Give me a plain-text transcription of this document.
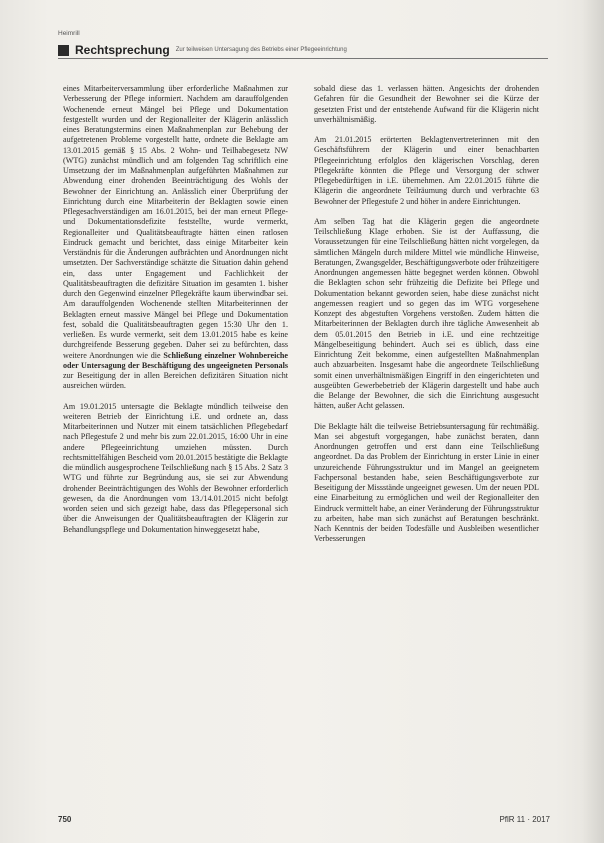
Heimrill
Rechtsprechung Zur teilweisen Untersagung des Betriebs einer Pflegeeinrichtung

eines Mitarbeiterversammlung über erforderliche Maßnahmen zur Verbesserung der Pflege informiert. Nachdem am darauffolgenden Wochenende erneut Mängel bei Pflege und Dokumentation festgestellt wurden und der Regionalleiter der Klägerin anlässlich eines Beratungstermins einen Maßnahmenplan zur Behebung der aufgetretenen Probleme vorgestellt hatte, ordnete die Beklagte am 13.01.2015 gemäß § 15 Abs. 2 Wohn- und Teilhabegesetz NW (WTG) zunächst mündlich und am folgenden Tag schriftlich eine Umsetzung der im Maßnahmenplan aufgeführten Maßnahmen zur Abwendung einer drohenden Beeinträchtigung des Wohls der Bewohner der Einrichtung an. Anlässlich einer Überprüfung der Einrichtung durch eine Mitarbeiterin der Beklagten sowie einen Pflegesachverständigen am 16.01.2015, bei der man erneut Pflege- und Dokumentationsdefizite feststellte, wurde vermerkt, Regionalleiter und Qualitätsbeauftragte hätten einen ratlosen Eindruck gemacht und berichtet, dass einige Mitarbeiter kein Verständnis für die Änderungen aufbrächten und Anordnungen nicht umsetzten. Der Sachverständige schätzte die Situation dahin gehend ein, dass unter Engagement und Fachlichkeit der Qualitätsbeauftragten die defizitäre Situation im gesamten 1. bisher durch den Gegenwind einzelner Pflegekräfte kaum überwindbar sei. Am darauffolgenden Wochenende stellten Mitarbeiterinnen der Beklagten erneut massive Mängel bei Pflege und Dokumentation fest, sobald die Qualitätsbeauftragten gegen 15:30 Uhr den 1. verließen. Es wurde vermerkt, seit dem 13.01.2015 habe es keine durchgreifende Besserung gegeben. Daher sei zu befürchten, dass weitere Anordnungen wie die Schließung einzelner Wohnbereiche oder Untersagung der Beschäftigung des ungeeigneten Personals zur Beseitigung der in allen Bereichen defizitären Situation nicht ausreichen würden.

Am 19.01.2015 untersagte die Beklagte mündlich teilweise den weiteren Betrieb der Einrichtung i.E. und ordnete an, dass Mitarbeiterinnen und Nutzer mit einem tatsächlichen Pflegebedarf nach Pflegestufe 2 und mehr bis zum 22.01.2015, 16:00 Uhr in eine andere Pflegeeinrichtung umziehen müssten. Durch rechtsmittelfähigen Bescheid vom 20.01.2015 bestätigte die Beklagte die mündlich ausgesprochene Teilschließung nach § 15 Abs. 2 Satz 3 WTG und führte zur Begründung aus, sie sei zur Abwendung drohender Beeinträchtigungen des Wohls der Bewohner erforderlich gewesen, da die Anordnungen vom 13./14.01.2015 nicht befolgt worden seien und sich gezeigt habe, dass das Pflegepersonal sich über die Anweisungen der Qualitätsbeauftragten der Klägerin zur Behandlungspflege und Dokumentation hinweggesetzt habe,

sobald diese das 1. verlassen hätten. Angesichts der drohenden Gefahren für die Gesundheit der Bewohner sei die Kürze der gesetzten Frist und der entstehende Aufwand für die Klägerin nicht unverhältnismäßig.

Am 21.01.2015 erörterten Beklagtenvertreterinnen mit den Geschäftsführern der Klägerin und einer benachbarten Pflegeeinrichtung erfolglos den klägerischen Vorschlag, deren Pflegekräfte könnten die Pflege und Versorgung der schwer Pflegebedürftigen in i.E. übernehmen. Am 22.01.2015 führte die Klägerin die angeordnete Teilräumung durch und verbrachte 63 Bewohner der Pflegestufe 2 und höher in andere Einrichtungen.

Am selben Tag hat die Klägerin gegen die angeordnete Teilschließung Klage erhoben. Sie ist der Auffassung, die Voraussetzungen für eine Teilschließung hätten nicht vorgelegen, da sämtlichen Mängeln durch mildere Mittel wie mündliche Hinweise, Beratungen, Zwangsgelder, Beschäftigungsverbote oder frühzeitigere Anordnungen angemessen hätte begegnet werden können. Obwohl die Beklagten schon sehr frühzeitig die Defizite bei Pflege und Dokumentation bekannt geworden seien, habe diese zunächst nicht angemessen reagiert und so gegen das im WTG vorgesehene Konzept des abgestuften Vorgehens verstoßen. Zudem hätten die Mitarbeiterinnen der Beklagten durch ihre tägliche Anwesenheit ab dem 05.01.2015 den Betrieb in i.E. und eine rechtzeitige Mängelbeseitigung behindert. Auch sei es üblich, dass eine Einrichtung Zeit bekomme, einen aufgestellten Maßnahmenplan auch abzuarbeiten. Insgesamt habe die angeordnete Teilschließung somit einen unverhältnismäßigen Eingriff in den eingerichteten und ausgeübten Gewerbebetrieb der Klägerin dargestellt und habe auch die Belange der Bewohner, die sich die Einrichtung ausgesucht hätten, außer Acht gelassen.

Die Beklagte hält die teilweise Betriebsuntersagung für rechtmäßig. Man sei abgestuft vorgegangen, habe zunächst beraten, dann Anordnungen getroffen und erst dann eine Teilschließung angeordnet. Da das Problem der Einrichtung in erster Linie in einer unzureichende Führungsstruktur und im Mangel an geeignetem Fachpersonal bestanden habe, seien Beschäftigungsverbote zur Beseitigung der Missstände ungeeignet gewesen. Um der neuen PDL eine Einarbeitung zu ermöglichen und weil der Regionalleiter den Eindruck vermittelt habe, an einer Veränderung der Führungsstruktur zu arbeiten, habe man sich zunächst auf Beratungen beschränkt. Nach Kenntnis der beiden Todesfälle und Ausbleiben wesentlicher Verbesserungen

750	PflR 11 · 2017
